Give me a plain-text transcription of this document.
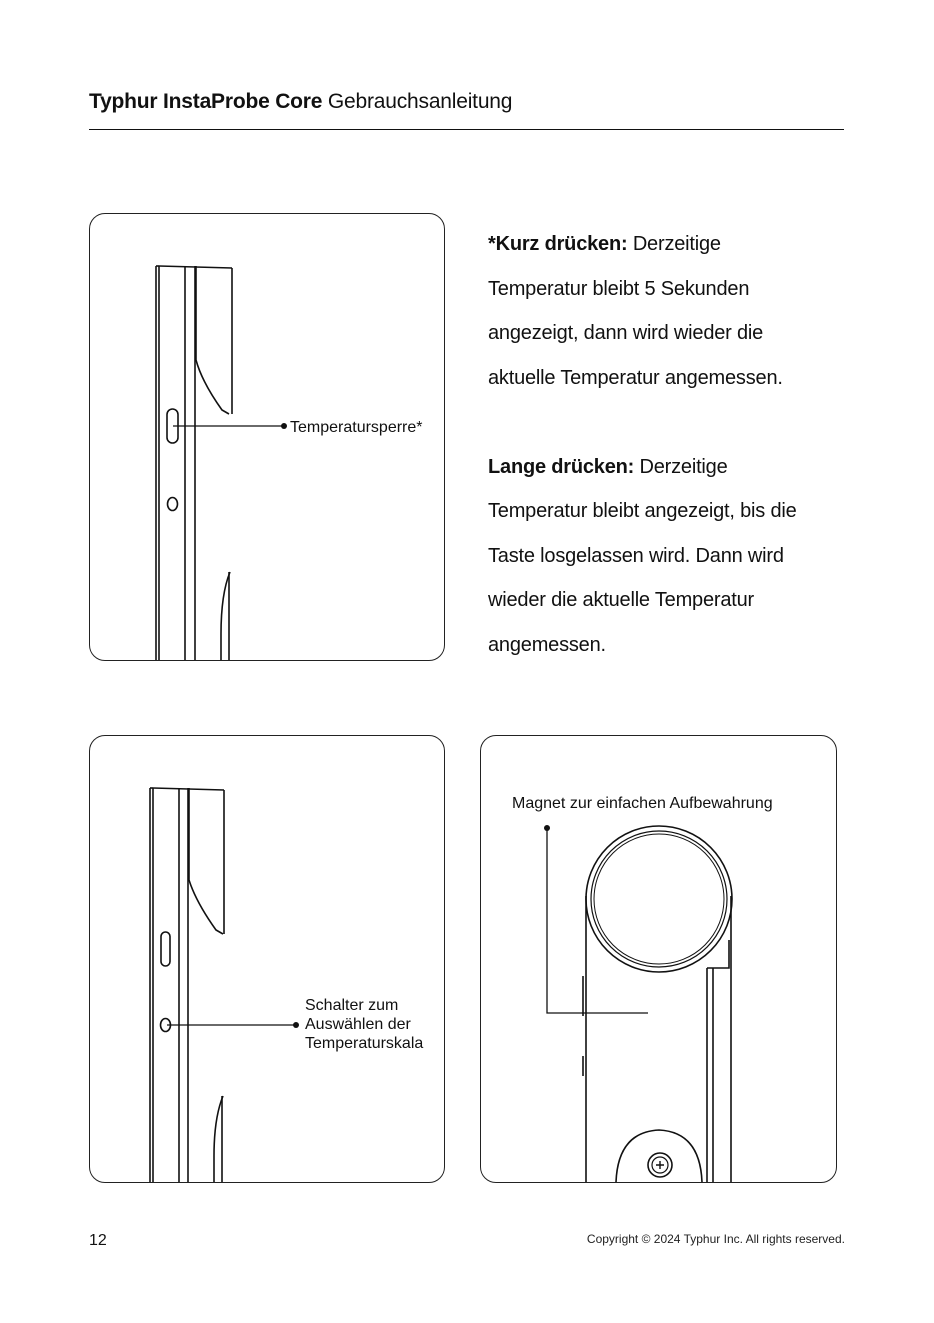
Typhur InstaProbe Core Gebrauchsanleitung
Temperatursperre*

*Kurz drücken: Derzeitige

Temperatur bleibt 5 Sekunden

angezeigt, dann wird wieder die

aktuelle Temperatur angemessen.

Lange drücken: Derzeitige

Temperatur bleibt angezeigt, bis die

Taste losgelassen wird. Dann wird

wieder die aktuelle Temperatur

angemessen.

Schalter zum
Auswählen der
Temperaturskala
Magnet zur einfachen Aufbewahrung
12	Copyright © 2024 Typhur Inc. All rights reserved.
